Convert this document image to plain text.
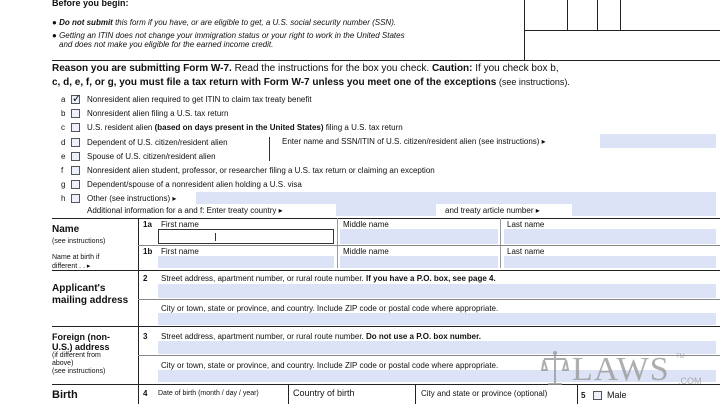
Before you begin:
● Do not submit this form if you have, or are eligible to get, a U.S. social security number (SSN).
● Getting an ITIN does not change your immigration status or your right to work in the United States
and does not make you eligible for the earned income credit.
Reason you are submitting Form W-7. Read the instructions for the box you check. Caution: If you check box b,
c, d, e, f, or g, you must file a tax return with Form W-7 unless you meet one of the exceptions (see instructions).
a ✓ Nonresident alien required to get ITIN to claim tax treaty benefit
b	Nonresident alien filing a U.S. tax return
c	U.S. resident alien (based on days present in the United States) filing a U.S. tax return
d	Dependent of U.S. citizen/resident alien
e	Spouse of U.S. citizen/resident alien
Enter name and SSN/ITIN of U.S. citizen/resident alien (see instructions) ▸
f	Nonresident alien student, professor, or researcher filing a U.S. tax return or claiming an exception
g	Dependent/spouse of a nonresident alien holding a U.S. visa
h	Other (see instructions) ▸
Additional information for a and f: Enter treaty country ▸	and treaty article number ▸
Name
(see instructions)
Name at birth if
different . . ▸
1a First name	Middle name	Last name
1b First name	Middle name	Last name
Applicant's
mailing address
2 Street address, apartment number, or rural route number. If you have a P.O. box, see page 4.
City or town, state or province, and country. Include ZIP code or postal code where appropriate.
Foreign (non-
U.S.) address
(if different from
above)
(see instructions)
3 Street address, apartment number, or rural route number. Do not use a P.O. box number.
City or town, state or province, and country. Include ZIP code or postal code where appropriate.
Birth	4 Date of birth (month / day / year)	Country of birth	City and state or province (optional)	5 Male
LAWS TM
.COM
